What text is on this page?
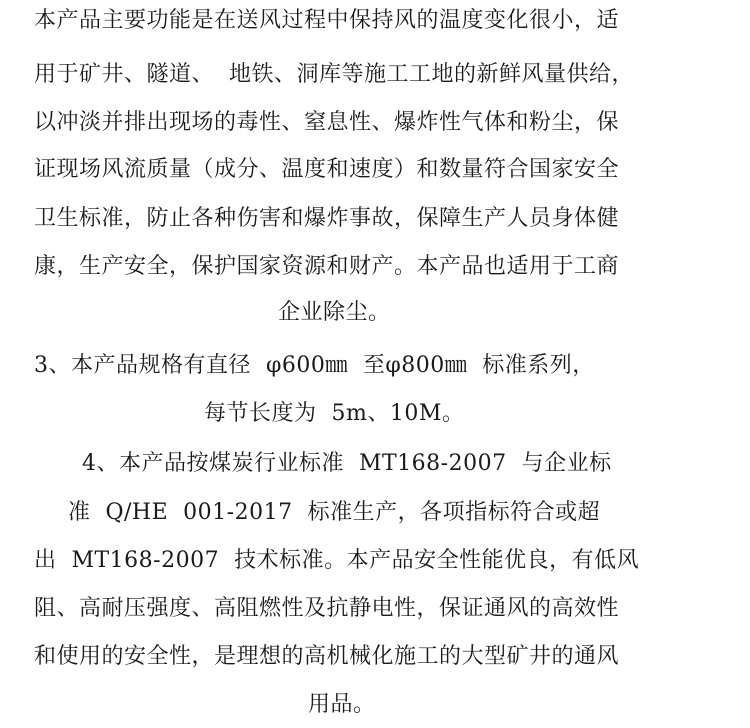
本产品主要功能是在送风过程中保持风的温度变化很小，适
用于矿井、隧道、  地铁、洞库等施工工地的新鲜风量供给，
以冲淡并排出现场的毒性、窒息性、爆炸性气体和粉尘，保
证现场风流质量（成分、温度和速度）和数量符合国家安全
卫生标准，防止各种伤害和爆炸事故，保障生产人员身体健
康，生产安全，保护国家资源和财产。本产品也适用于工商
企业除尘。
3、本产品规格有直径  φ600㎜  至φ800㎜  标准系列，
每节长度为  5m、10M。
4、本产品按煤炭行业标准  MT168-2007  与企业标
准  Q/HE  001-2017  标准生产，各项指标符合或超
出  MT168-2007  技术标准。本产品安全性能优良，有低风
阻、高耐压强度、高阻燃性及抗静电性，保证通风的高效性
和使用的安全性，是理想的高机械化施工的大型矿井的通风
用品。
